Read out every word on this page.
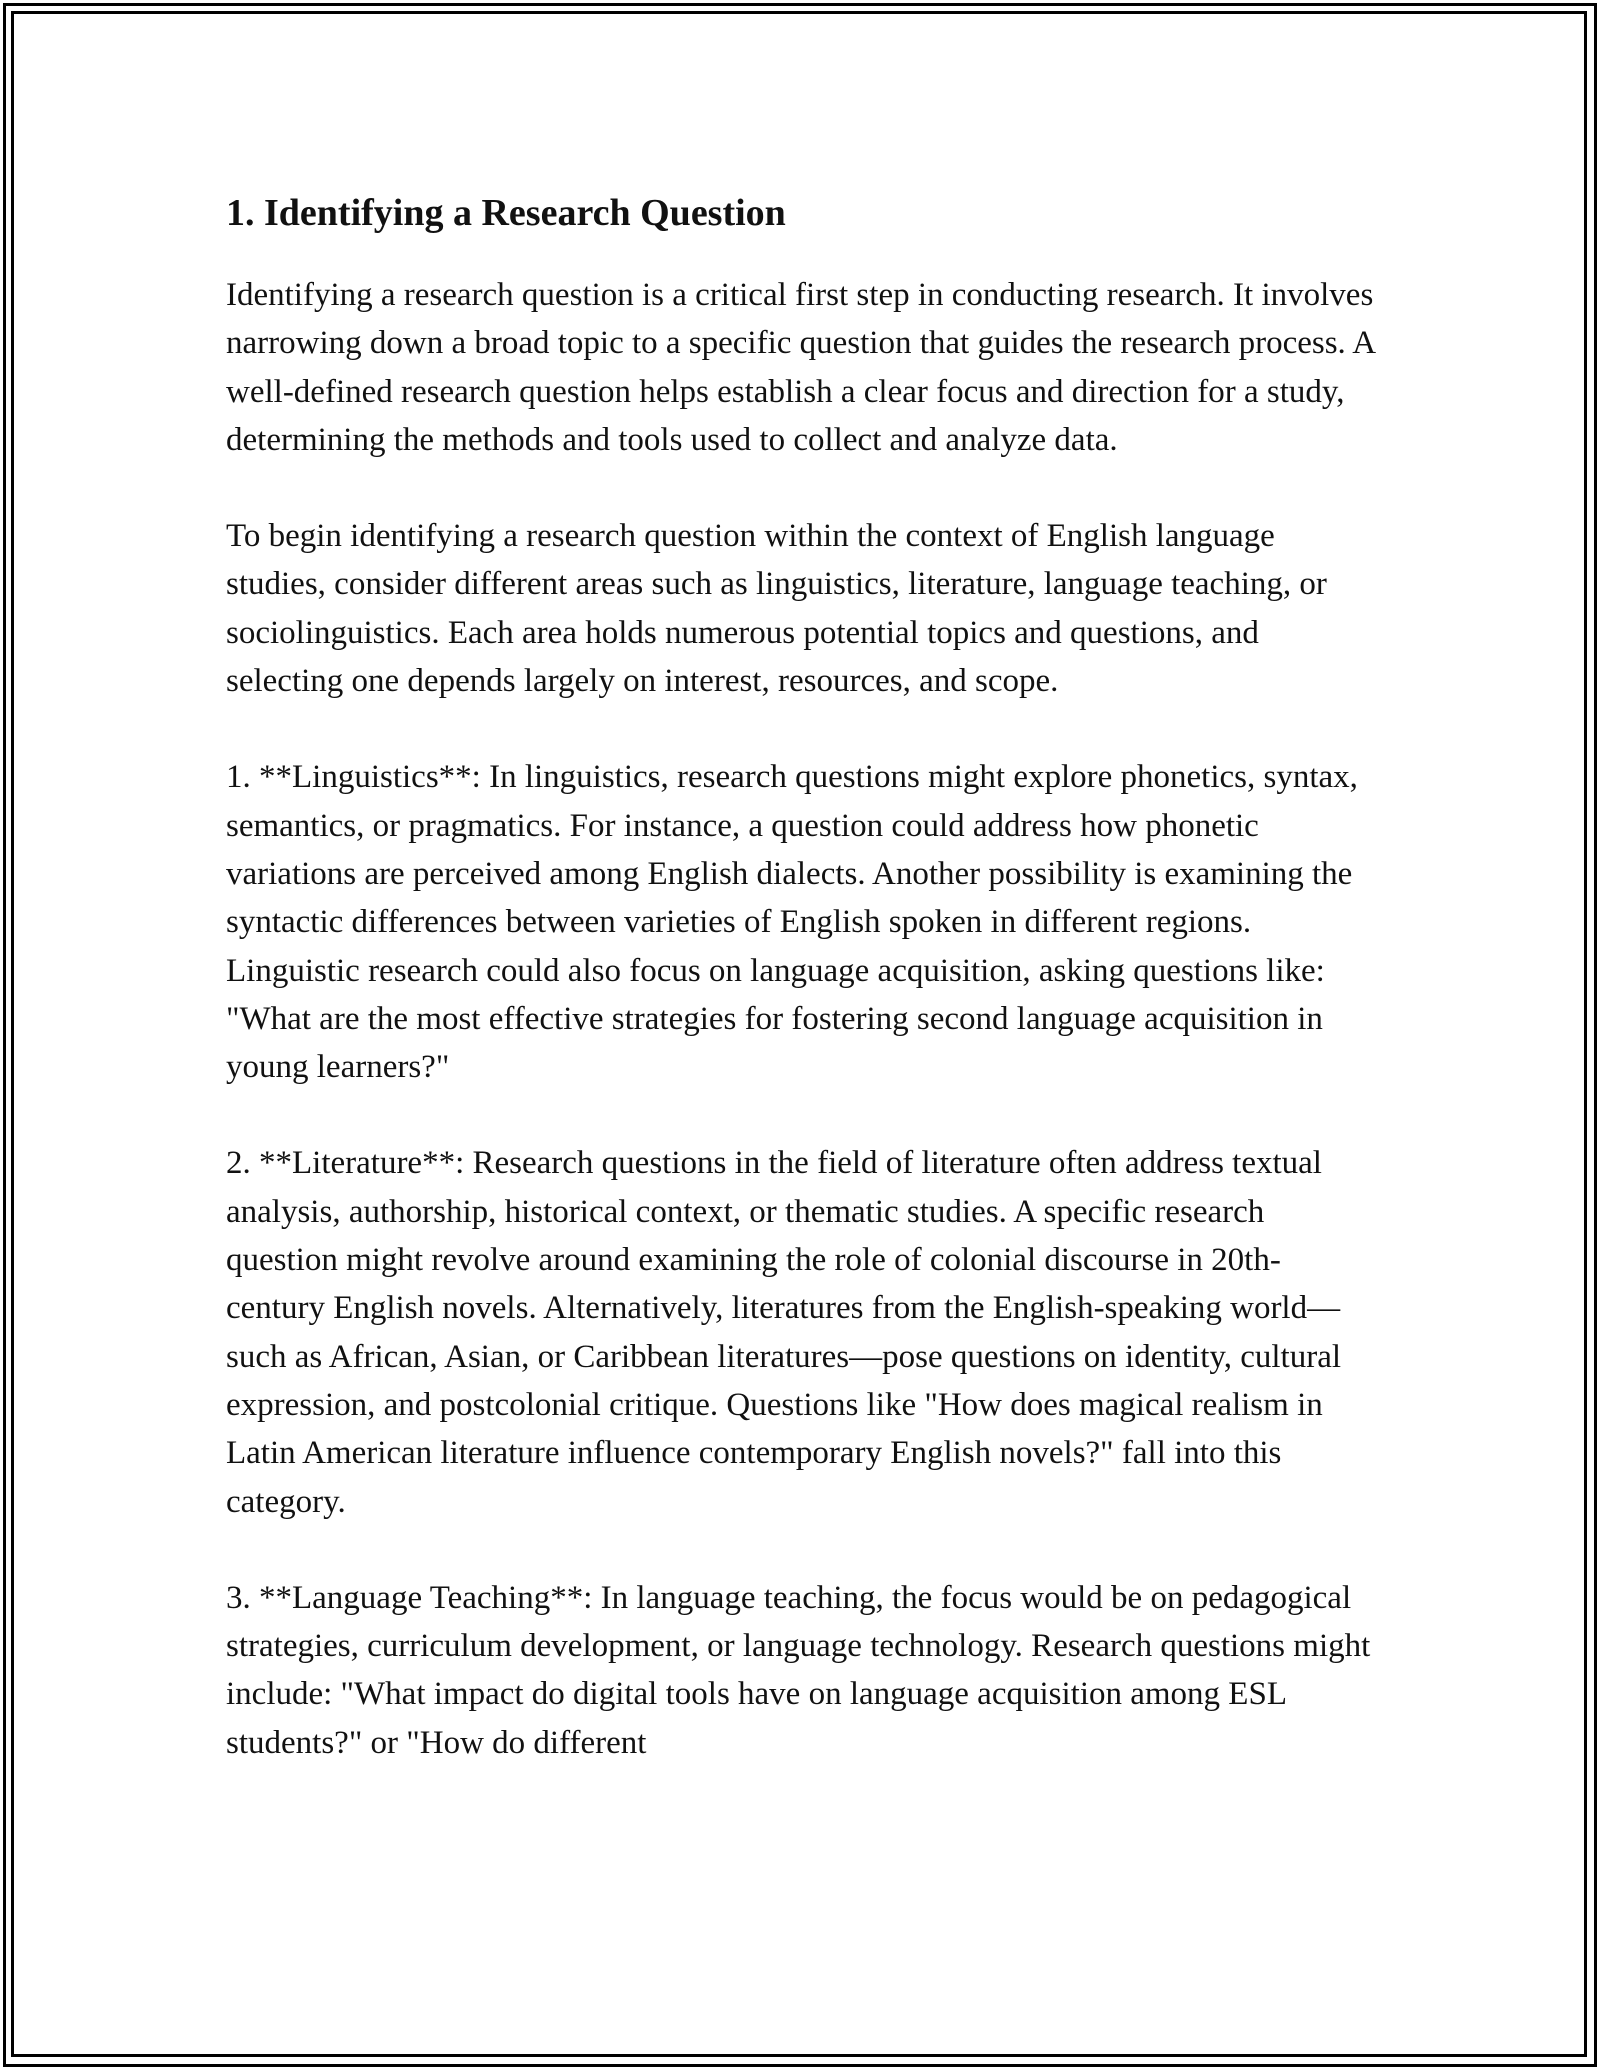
1. Identifying a Research Question

Identifying a research question is a critical first step in conducting research. It involves narrowing down a broad topic to a specific question that guides the research process. A well-defined research question helps establish a clear focus and direction for a study, determining the methods and tools used to collect and analyze data.

To begin identifying a research question within the context of English language studies, consider different areas such as linguistics, literature, language teaching, or sociolinguistics. Each area holds numerous potential topics and questions, and selecting one depends largely on interest, resources, and scope.

1. **Linguistics**: In linguistics, research questions might explore phonetics, syntax, semantics, or pragmatics. For instance, a question could address how phonetic variations are perceived among English dialects. Another possibility is examining the syntactic differences between varieties of English spoken in different regions. Linguistic research could also focus on language acquisition, asking questions like: "What are the most effective strategies for fostering second language acquisition in young learners?"

2. **Literature**: Research questions in the field of literature often address textual analysis, authorship, historical context, or thematic studies. A specific research question might revolve around examining the role of colonial discourse in 20th-century English novels. Alternatively, literatures from the English-speaking world—such as African, Asian, or Caribbean literatures—pose questions on identity, cultural expression, and postcolonial critique. Questions like "How does magical realism in Latin American literature influence contemporary English novels?" fall into this category.

3. **Language Teaching**: In language teaching, the focus would be on pedagogical strategies, curriculum development, or language technology. Research questions might include: "What impact do digital tools have on language acquisition among ESL students?" or "How do different
